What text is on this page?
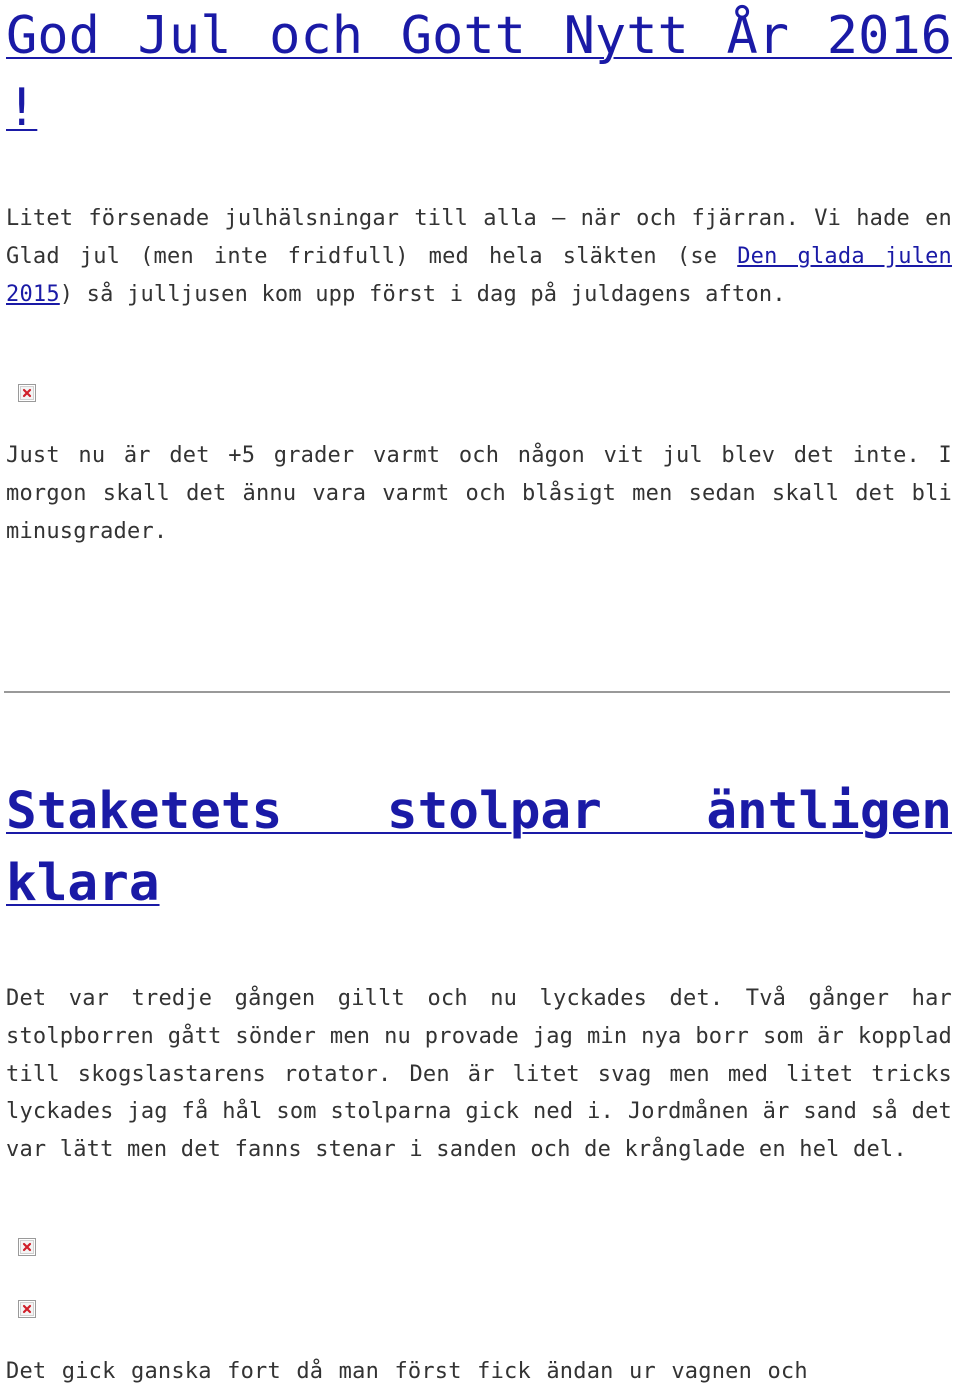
God Jul och Gott Nytt År 2016 !

Litet försenade julhälsningar till alla – när och fjärran. Vi hade en Glad jul (men inte fridfull) med hela släkten (se Den glada julen 2015) så julljusen kom upp först i dag på juldagens afton.

Just nu är det +5 grader varmt och någon vit jul blev det inte. I morgon skall det ännu vara varmt och blåsigt men sedan skall det bli minusgrader.

Staketets stolpar äntligen
klara

Det var tredje gången gillt och nu lyckades det. Två gånger har stolpborren gått sönder men nu provade jag min nya borr som är kopplad till skogslastarens rotator. Den är litet svag men med litet tricks lyckades jag få hål som stolparna gick ned i. Jordmånen är sand så det var lätt men det fanns stenar i sanden och de krånglade en hel del.

Det gick ganska fort då man först fick ändan ur vagnen och
